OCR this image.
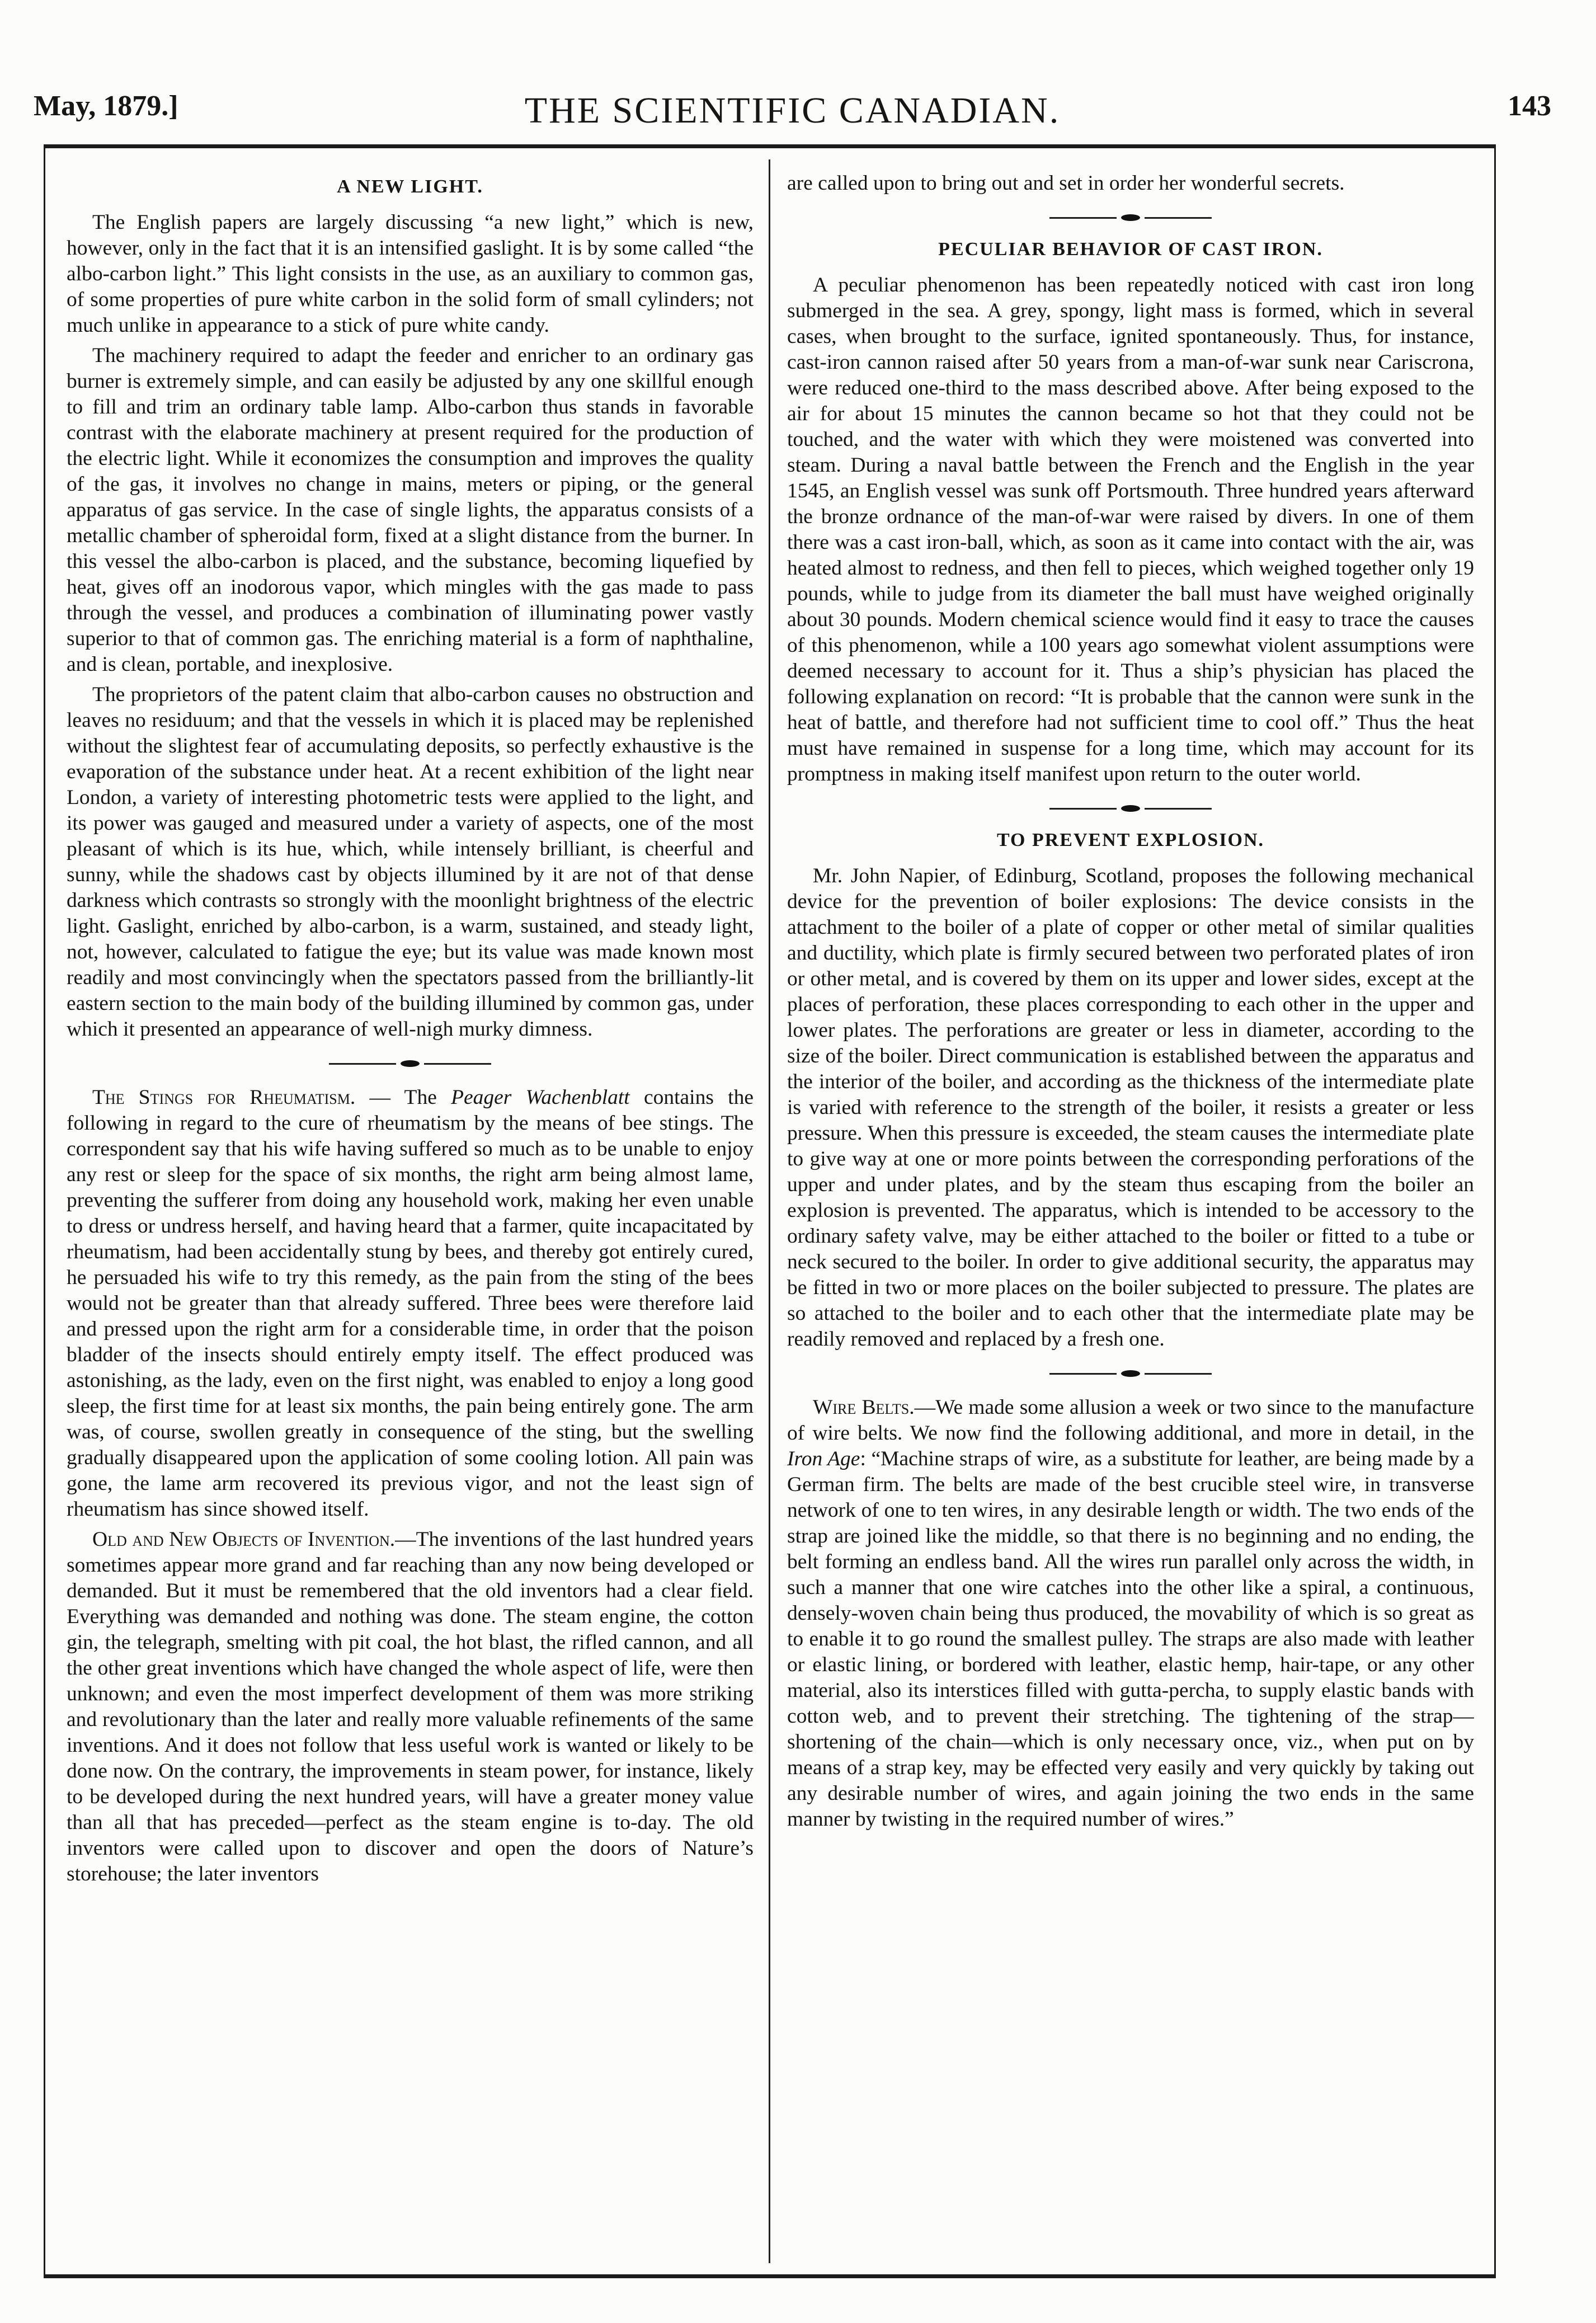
May, 1879.]	THE SCIENTIFIC CANADIAN.	143
A NEW LIGHT.

The English papers are largely discussing “a new light,” which is new, however, only in the fact that it is an intensified gaslight. It is by some called “the albo-carbon light.” This light consists in the use, as an auxiliary to common gas, of some properties of pure white carbon in the solid form of small cylinders; not much unlike in appearance to a stick of pure white candy.

The machinery required to adapt the feeder and enricher to an ordinary gas burner is extremely simple, and can easily be adjusted by any one skillful enough to fill and trim an ordinary table lamp. Albo-carbon thus stands in favorable contrast with the elaborate machinery at present required for the production of the electric light. While it economizes the consumption and improves the quality of the gas, it involves no change in mains, meters or piping, or the general apparatus of gas service. In the case of single lights, the apparatus consists of a metallic chamber of spheroidal form, fixed at a slight distance from the burner. In this vessel the albo-carbon is placed, and the substance, becoming liquefied by heat, gives off an inodorous vapor, which mingles with the gas made to pass through the vessel, and produces a combination of illuminating power vastly superior to that of common gas. The enriching material is a form of naphthaline, and is clean, portable, and inexplosive.

The proprietors of the patent claim that albo-carbon causes no obstruction and leaves no residuum; and that the vessels in which it is placed may be replenished without the slightest fear of accumulating deposits, so perfectly exhaustive is the evaporation of the substance under heat. At a recent exhibition of the light near London, a variety of interesting photometric tests were applied to the light, and its power was gauged and measured under a variety of aspects, one of the most pleasant of which is its hue, which, while intensely brilliant, is cheerful and sunny, while the shadows cast by objects illumined by it are not of that dense darkness which contrasts so strongly with the moonlight brightness of the electric light. Gaslight, enriched by albo-carbon, is a warm, sustained, and steady light, not, however, calculated to fatigue the eye; but its value was made known most readily and most convincingly when the spectators passed from the brilliantly-lit eastern section to the main body of the building illumined by common gas, under which it presented an appearance of well-nigh murky dimness.

The Stings for Rheumatism. — The Peager Wachenblatt contains the following in regard to the cure of rheumatism by the means of bee stings. The correspondent say that his wife having suffered so much as to be unable to enjoy any rest or sleep for the space of six months, the right arm being almost lame, preventing the sufferer from doing any household work, making her even unable to dress or undress herself, and having heard that a farmer, quite incapacitated by rheumatism, had been accidentally stung by bees, and thereby got entirely cured, he persuaded his wife to try this remedy, as the pain from the sting of the bees would not be greater than that already suffered. Three bees were therefore laid and pressed upon the right arm for a considerable time, in order that the poison bladder of the insects should entirely empty itself. The effect produced was astonishing, as the lady, even on the first night, was enabled to enjoy a long good sleep, the first time for at least six months, the pain being entirely gone. The arm was, of course, swollen greatly in consequence of the sting, but the swelling gradually disappeared upon the application of some cooling lotion. All pain was gone, the lame arm recovered its previous vigor, and not the least sign of rheumatism has since showed itself.

Old and New Objects of Invention.—The inventions of the last hundred years sometimes appear more grand and far reaching than any now being developed or demanded. But it must be remembered that the old inventors had a clear field. Everything was demanded and nothing was done. The steam engine, the cotton gin, the telegraph, smelting with pit coal, the hot blast, the rifled cannon, and all the other great inventions which have changed the whole aspect of life, were then unknown; and even the most imperfect development of them was more striking and revolutionary than the later and really more valuable refinements of the same inventions. And it does not follow that less useful work is wanted or likely to be done now. On the contrary, the improvements in steam power, for instance, likely to be developed during the next hundred years, will have a greater money value than all that has preceded—perfect as the steam engine is to-day. The old inventors were called upon to discover and open the doors of Nature’s storehouse; the later inventors

are called upon to bring out and set in order her wonderful secrets.

PECULIAR BEHAVIOR OF CAST IRON.

A peculiar phenomenon has been repeatedly noticed with cast iron long submerged in the sea. A grey, spongy, light mass is formed, which in several cases, when brought to the surface, ignited spontaneously. Thus, for instance, cast-iron cannon raised after 50 years from a man-of-war sunk near Cariscrona, were reduced one-third to the mass described above. After being exposed to the air for about 15 minutes the cannon became so hot that they could not be touched, and the water with which they were moistened was converted into steam. During a naval battle between the French and the English in the year 1545, an English vessel was sunk off Portsmouth. Three hundred years afterward the bronze ordnance of the man-of-war were raised by divers. In one of them there was a cast iron-ball, which, as soon as it came into contact with the air, was heated almost to redness, and then fell to pieces, which weighed together only 19 pounds, while to judge from its diameter the ball must have weighed originally about 30 pounds. Modern chemical science would find it easy to trace the causes of this phenomenon, while a 100 years ago somewhat violent assumptions were deemed necessary to account for it. Thus a ship’s physician has placed the following explanation on record: “It is probable that the cannon were sunk in the heat of battle, and therefore had not sufficient time to cool off.” Thus the heat must have remained in suspense for a long time, which may account for its promptness in making itself manifest upon return to the outer world.

TO PREVENT EXPLOSION.

Mr. John Napier, of Edinburg, Scotland, proposes the following mechanical device for the prevention of boiler explosions: The device consists in the attachment to the boiler of a plate of copper or other metal of similar qualities and ductility, which plate is firmly secured between two perforated plates of iron or other metal, and is covered by them on its upper and lower sides, except at the places of perforation, these places corresponding to each other in the upper and lower plates. The perforations are greater or less in diameter, according to the size of the boiler. Direct communication is established between the apparatus and the interior of the boiler, and according as the thickness of the intermediate plate is varied with reference to the strength of the boiler, it resists a greater or less pressure. When this pressure is exceeded, the steam causes the intermediate plate to give way at one or more points between the corresponding perforations of the upper and under plates, and by the steam thus escaping from the boiler an explosion is prevented. The apparatus, which is intended to be accessory to the ordinary safety valve, may be either attached to the boiler or fitted to a tube or neck secured to the boiler. In order to give additional security, the apparatus may be fitted in two or more places on the boiler subjected to pressure. The plates are so attached to the boiler and to each other that the intermediate plate may be readily removed and replaced by a fresh one.

Wire Belts.—We made some allusion a week or two since to the manufacture of wire belts. We now find the following additional, and more in detail, in the Iron Age: “Machine straps of wire, as a substitute for leather, are being made by a German firm. The belts are made of the best crucible steel wire, in transverse network of one to ten wires, in any desirable length or width. The two ends of the strap are joined like the middle, so that there is no beginning and no ending, the belt forming an endless band. All the wires run parallel only across the width, in such a manner that one wire catches into the other like a spiral, a continuous, densely-woven chain being thus produced, the movability of which is so great as to enable it to go round the smallest pulley. The straps are also made with leather or elastic lining, or bordered with leather, elastic hemp, hair-tape, or any other material, also its interstices filled with gutta-percha, to supply elastic bands with cotton web, and to prevent their stretching. The tightening of the strap—shortening of the chain—which is only necessary once, viz., when put on by means of a strap key, may be effected very easily and very quickly by taking out any desirable number of wires, and again joining the two ends in the same manner by twisting in the required number of wires.”
